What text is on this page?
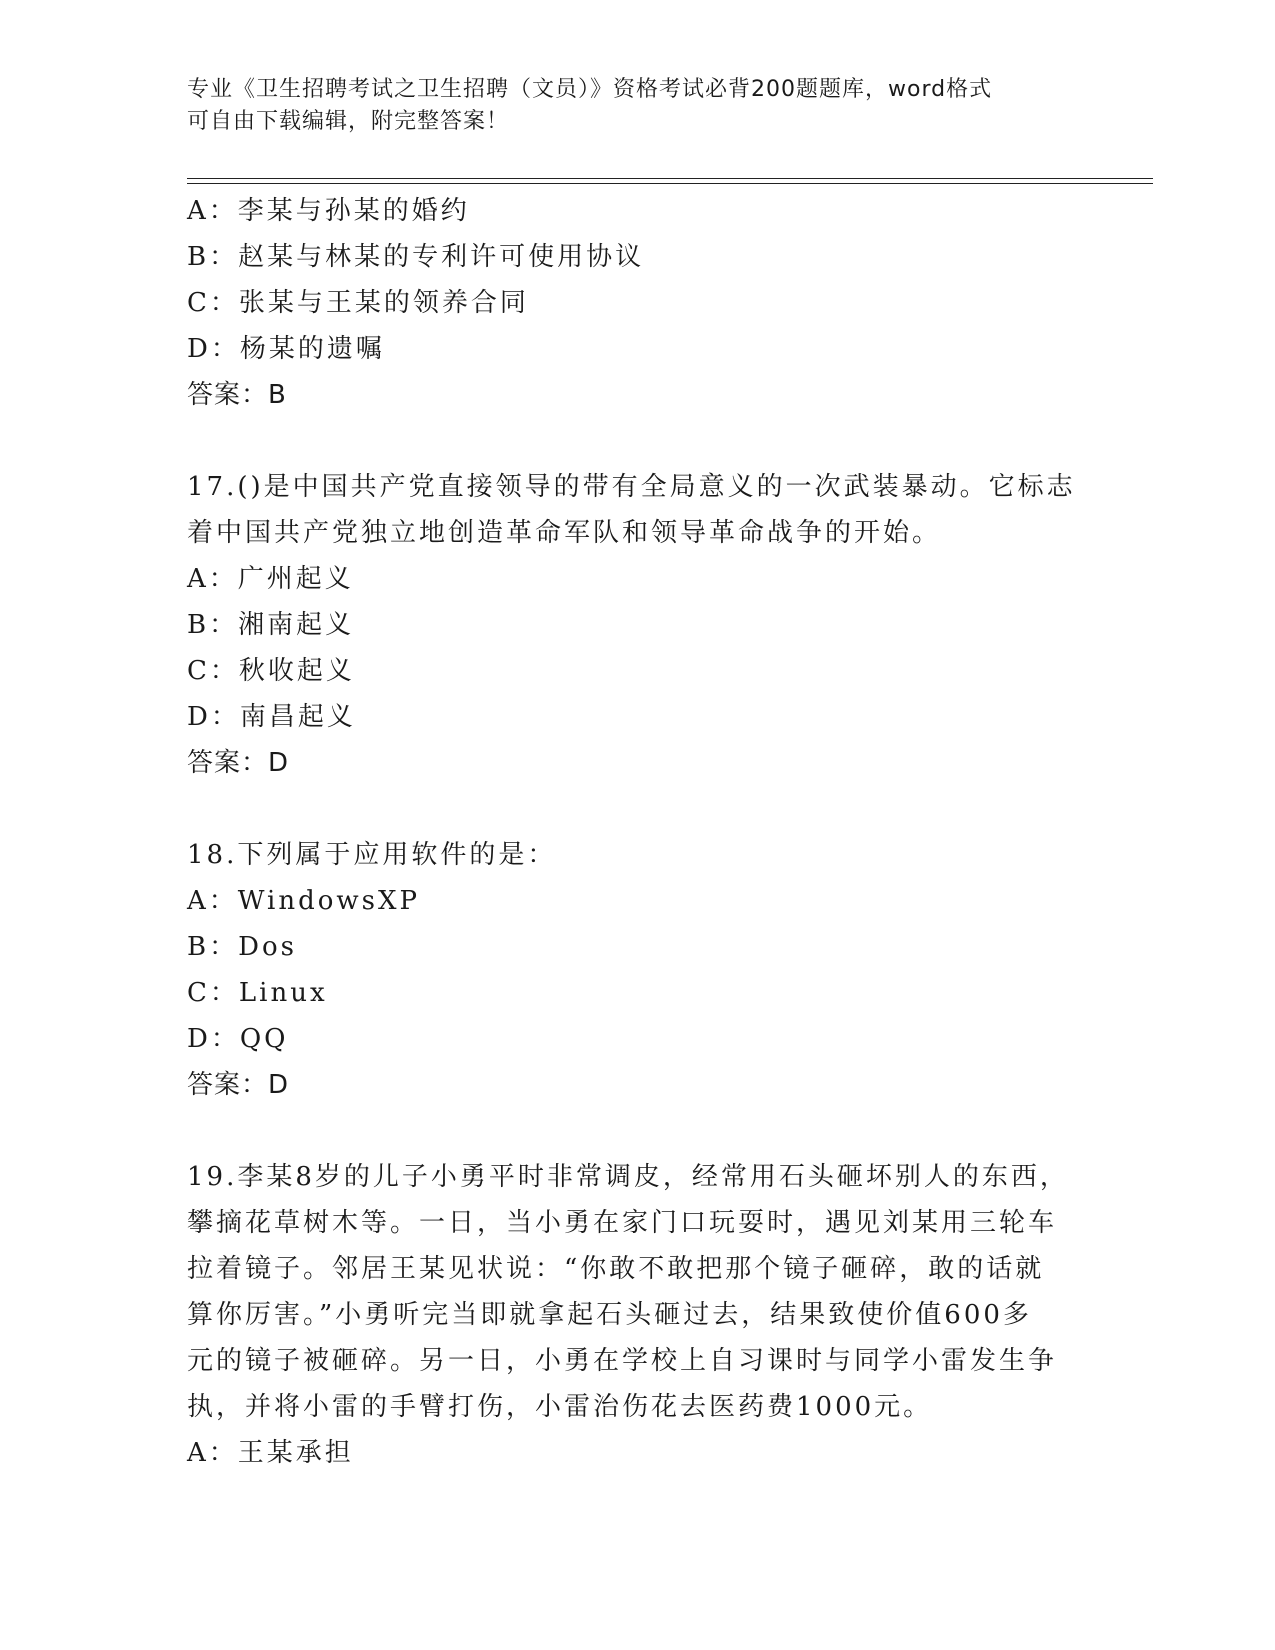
专业《卫生招聘考试之卫生招聘（文员）》资格考试必背200题题库，word格式
可自由下载编辑，附完整答案！
A：李某与孙某的婚约
B：赵某与林某的专利许可使用协议
C：张某与王某的领养合同
D：杨某的遗嘱
答案：B
17.()是中国共产党直接领导的带有全局意义的一次武装暴动。它标志
着中国共产党独立地创造革命军队和领导革命战争的开始。
A：广州起义
B：湘南起义
C：秋收起义
D：南昌起义
答案：D
18.下列属于应用软件的是：
A：WindowsXP
B：Dos
C：Linux
D：QQ
答案：D
19.李某8岁的儿子小勇平时非常调皮，经常用石头砸坏别人的东西，
攀摘花草树木等。一日，当小勇在家门口玩耍时，遇见刘某用三轮车
拉着镜子。邻居王某见状说：“你敢不敢把那个镜子砸碎，敢的话就
算你厉害。”小勇听完当即就拿起石头砸过去，结果致使价值600多
元的镜子被砸碎。另一日，小勇在学校上自习课时与同学小雷发生争
执，并将小雷的手臂打伤，小雷治伤花去医药费1000元。
A：王某承担
